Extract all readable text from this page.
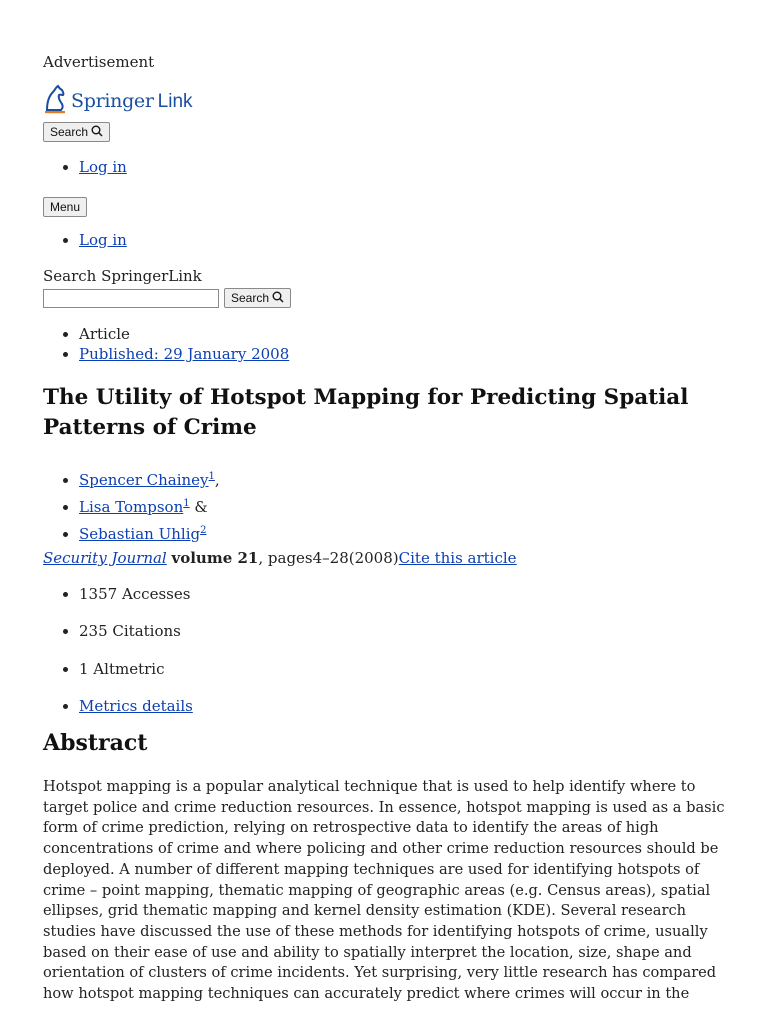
Advertisement
Springer Link
Search
• Log in
Menu
• Log in
Search SpringerLink
Search
• Article
• Published: 29 January 2008
The Utility of Hotspot Mapping for Predicting Spatial Patterns of Crime
• Spencer Chainey$^1$,
• Lisa Tompson$^1$ &
• Sebastian Uhlig$^2$
Security Journal volume 21, pages4–28(2008)Cite this article
• 1357 Accesses
• 235 Citations
• 1 Altmetric
• Metrics details
Abstract

Hotspot mapping is a popular analytical technique that is used to help identify where to target police and crime reduction resources. In essence, hotspot mapping is used as a basic form of crime prediction, relying on retrospective data to identify the areas of high concentrations of crime and where policing and other crime reduction resources should be deployed. A number of different mapping techniques are used for identifying hotspots of crime – point mapping, thematic mapping of geographic areas (e.g. Census areas), spatial ellipses, grid thematic mapping and kernel density estimation (KDE). Several research studies have discussed the use of these methods for identifying hotspots of crime, usually based on their ease of use and ability to spatially interpret the location, size, shape and orientation of clusters of crime incidents. Yet surprising, very little research has compared how hotspot mapping techniques can accurately predict where crimes will occur in the
